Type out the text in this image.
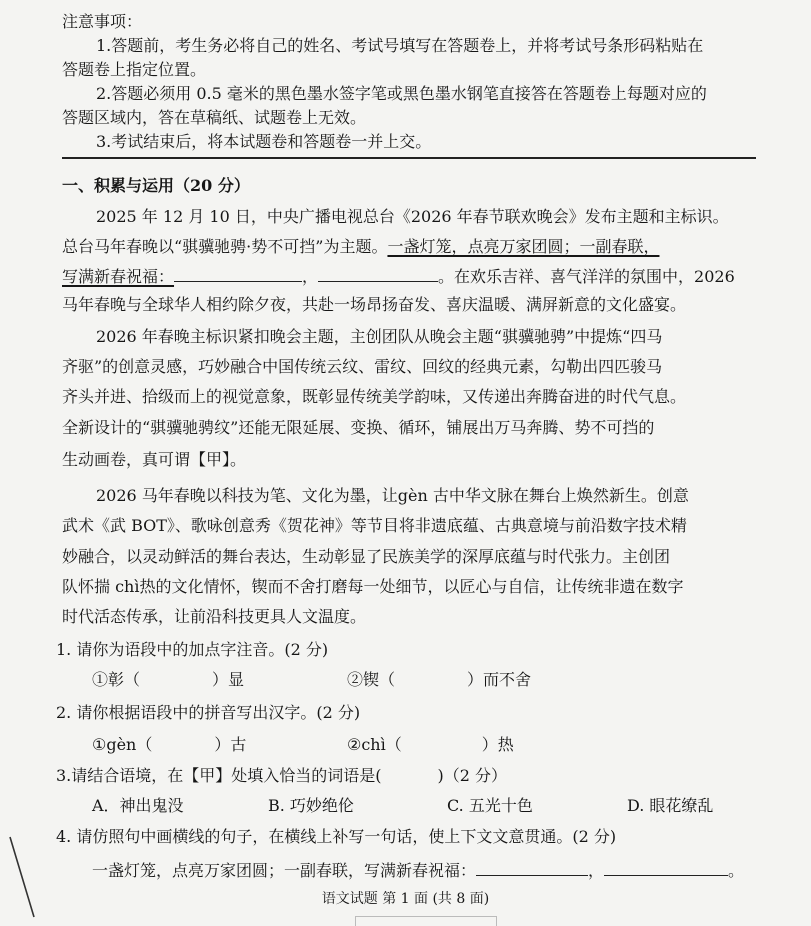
注意事项：
1.答题前，考生务必将自己的姓名、考试号填写在答题卷上，并将考试号条形码粘贴在
答题卷上指定位置。
2.答题必须用 0.5 毫米的黑色墨水签字笔或黑色墨水钢笔直接答在答题卷上每题对应的
答题区域内，答在草稿纸、试题卷上无效。
3.考试结束后，将本试题卷和答题卷一并上交。
一、积累与运用（20 分）
2025 年 12 月 10 日，中央广播电视总台《2026 年春节联欢晚会》发布主题和主标识。
总台马年春晚以“骐骥驰骋·势不可挡”为主题。一盏灯笼，点亮万家团圆；一副春联，
写满新春祝福：	，	。在欢乐吉祥、喜气洋洋的氛围中，2026
马年春晚与全球华人相约除夕夜，共赴一场昂扬奋发、喜庆温暖、满屏新意的文化盛宴。
2026 年春晚主标识紧扣晚会主题，主创团队从晚会主题“骐骥驰骋”中提炼“四马
齐驱”的创意灵感，巧妙融合中国传统云纹、雷纹、回纹的经典元素，勾勒出四匹骏马
齐头并进、拾级而上的视觉意象，既彰显传统美学韵味，又传递出奔腾奋进的时代气息。
全新设计的“骐骥驰骋纹”还能无限延展、变换、循环，铺展出万马奔腾、势不可挡的
生动画卷，真可谓【甲】。
2026 马年春晚以科技为笔、文化为墨，让gèn 古中华文脉在舞台上焕然新生。创意
武术《武 BOT》、歌咏创意秀《贺花神》等节目将非遗底蕴、古典意境与前沿数字技术精
妙融合，以灵动鲜活的舞台表达，生动彰显了民族美学的深厚底蕴与时代张力。主创团
队怀揣 chì热的文化情怀，锲而不舍打磨每一处细节，以匠心与自信，让传统非遗在数字
时代活态传承，让前沿科技更具人文温度。
1. 请你为语段中的加点字注音。(2 分)
①彰（	）显	②锲（	）而不舍
2. 请你根据语段中的拼音写出汉字。(2 分)
①gèn（	）古	②chì（	）热
3.请结合语境，在【甲】处填入恰当的词语是(	)（2 分）
A．神出鬼没	B. 巧妙绝伦	C. 五光十色	D. 眼花缭乱
4. 请仿照句中画横线的句子，在横线上补写一句话，使上下文文意贯通。(2 分)
一盏灯笼，点亮万家团圆；一副春联，写满新春祝福：	，	。
语文试题 第 1 面 (共 8 面)
